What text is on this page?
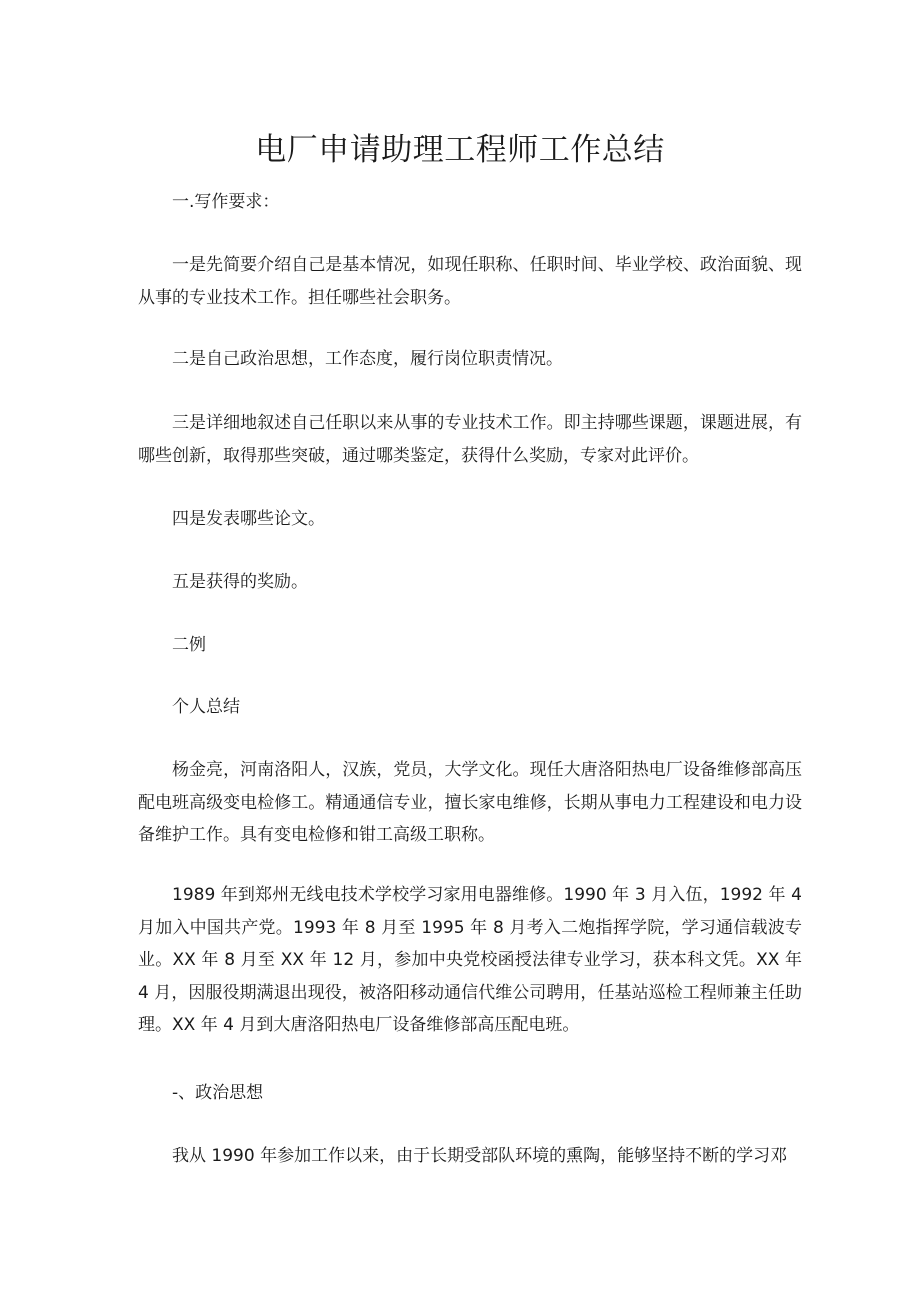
电厂申请助理工程师工作总结

一.写作要求：

一是先简要介绍自己是基本情况，如现任职称、任职时间、毕业学校、政治面貌、现从事的专业技术工作。担任哪些社会职务。

二是自己政治思想，工作态度，履行岗位职责情况。

三是详细地叙述自己任职以来从事的专业技术工作。即主持哪些课题，课题进展，有哪些创新，取得那些突破，通过哪类鉴定，获得什么奖励，专家对此评价。

四是发表哪些论文。

五是获得的奖励。

二例

个人总结

杨金亮，河南洛阳人，汉族，党员，大学文化。现任大唐洛阳热电厂设备维修部高压配电班高级变电检修工。精通通信专业，擅长家电维修，长期从事电力工程建设和电力设备维护工作。具有变电检修和钳工高级工职称。

1989 年到郑州无线电技术学校学习家用电器维修。1990 年 3 月入伍，1992 年 4 月加入中国共产党。1993 年 8 月至 1995 年 8 月考入二炮指挥学院，学习通信载波专业。XX 年 8 月至 XX 年 12 月，参加中央党校函授法律专业学习，获本科文凭。XX 年 4 月，因服役期满退出现役，被洛阳移动通信代维公司聘用，任基站巡检工程师兼主任助理。XX 年 4 月到大唐洛阳热电厂设备维修部高压配电班。

-、政治思想

我从 1990 年参加工作以来，由于长期受部队环境的熏陶，能够坚持不断的学习邓
